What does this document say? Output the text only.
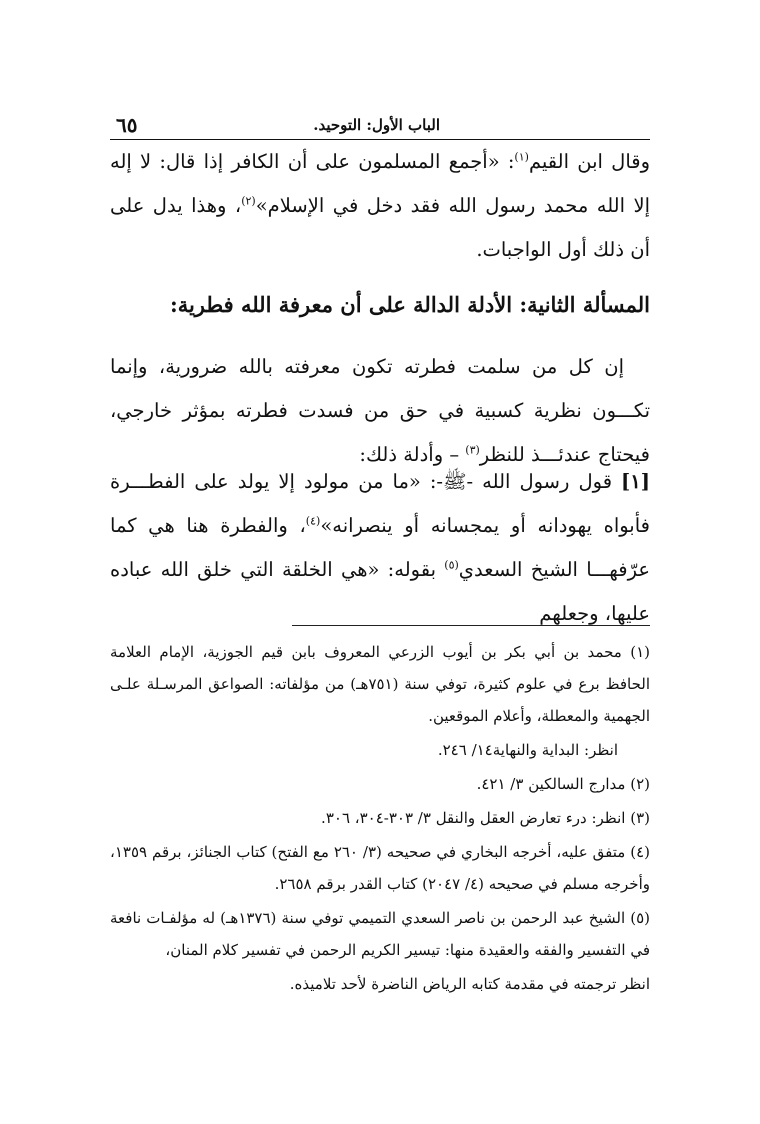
٦٥	الباب الأول: التوحيد.
وقال ابن القيم$^{(١)}$: «أجمع المسلمون على أن الكافر إذا قال: لا إله إلا الله محمد رسول الله فقد دخل في الإسلام»$^{(٢)}$، وهذا يدل على أن ذلك أول الواجبات.
المسألة الثانية: الأدلة الدالة على أن معرفة الله فطرية:
إن كل من سلمت فطرته تكون معرفته بالله ضرورية، وإنما تكـــون نظرية كسبية في حق من فسدت فطرته بمؤثر خارجي، فيحتاج عندئـــذ للنظر$^{(٣)}$ – وأدلة ذلك:
[١] قول رسول الله -ﷺ-: «ما من مولود إلا يولد على الفطـــرة فأبواه يهودانه أو يمجسانه أو ينصرانه»$^{(٤)}$، والفطرة هنا هي كما عرّفهـــا الشيخ السعدي$^{(٥)}$ بقوله: «هي الخلقة التي خلق الله عباده عليها، وجعلهم
(١) محمد بن أبي بكر بن أيوب الزرعي المعروف بابن قيم الجوزية، الإمام العلامة الحافظ برع في علوم كثيرة، توفي سنة (٧٥١هـ) من مؤلفاته: الصواعق المرسـلة علـى الجهمية والمعطلة، وأعلام الموقعين.
انظر: البداية والنهاية١٤/ ٢٤٦.
(٢) مدارج السالكين ٣/ ٤٢١.
(٣) انظر: درء تعارض العقل والنقل ٣/ ٣٠٣-٣٠٤، ٣٠٦.
(٤) متفق عليه، أخرجه البخاري في صحيحه (٣/ ٢٦٠ مع الفتح) كتاب الجنائز، برقم ١٣٥٩، وأخرجه مسلم في صحيحه (٤/ ٢٠٤٧) كتاب القدر برقم ٢٦٥٨.
(٥) الشيخ عبد الرحمن بن ناصر السعدي التميمي توفي سنة (١٣٧٦هـ) له مؤلفـات نافعة في التفسير والفقه والعقيدة منها: تيسير الكريم الرحمن في تفسير كلام المنان،
انظر ترجمته في مقدمة كتابه الرياض الناضرة لأحد تلاميذه.
